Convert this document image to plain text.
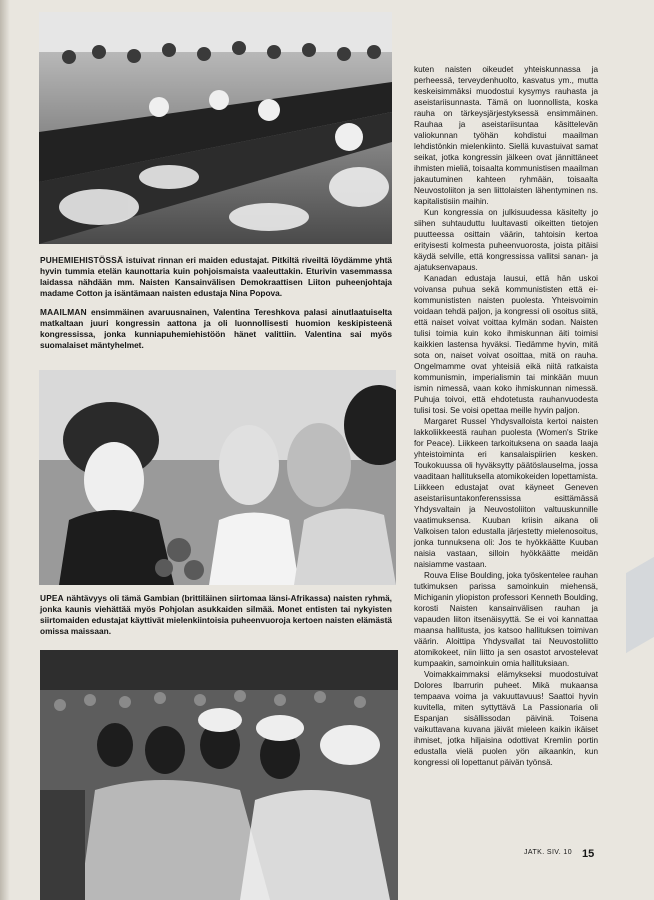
PUHEMIEHISTÖSSÄ istuivat rinnan eri maiden edustajat. Pitkiltä riveiltä löydämme yhtä hyvin tummia etelän kaunottaria kuin pohjoismaista vaaleuttakin. Eturivin vasemmassa laidassa nähdään mm. Naisten Kansainvälisen Demokraattisen Liiton puheenjohtaja madame Cotton ja isäntämaan naisten edustaja Nina Popova.

MAAILMAN ensimmäinen avaruusnainen, Valentina Tereshkova palasi ainutlaatuiselta matkaltaan juuri kongressin aattona ja oli luonnollisesti huomion keskipisteenä kongressissa, jonka kunniapuhemiehistöön hänet valittiin. Valentina sai myös suomalaiset mäntyhelmet.

UPEA nähtävyys oli tämä Gambian (brittiläinen siirtomaa länsi-Afrikassa) naisten ryhmä, jonka kaunis viehättää myös Pohjolan asukkaiden silmää. Monet entisten tai nykyisten siirtomaiden edustajat käyttivät mielenkiintoisia puheenvuoroja kertoen naisten elämästä omissa maissaan.

kuten naisten oikeudet yhteiskunnassa ja perheessä, terveydenhuolto, kasvatus ym., mutta keskeisimmäksi muodostui kysymys rauhasta ja aseistariisunnasta. Tämä on luonnollista, koska rauha on tärkeysjärjestyksessä ensimmäinen. Rauhaa ja aseistariisuntaa käsittelevän valiokunnan työhän kohdistui maailman lehdistönkin mielenkiinto. Siellä kuvastuivat samat seikat, jotka kongressin jälkeen ovat jännittäneet ihmisten mieliä, toisaalta kommunistisen maailman jakautuminen kahteen ryhmään, toisaalta Neuvostoliiton ja sen liittolaisten lähentyminen ns. kapitalistisiin maihin.

Kun kongressia on julkisuudessa käsitelty jo siihen suhtauduttu luultavasti oikeitten tietojen puutteessa osittain väärin, tahtoisin kertoa erityisesti kolmesta puheenvuorosta, joista pitäisi käydä selville, että kongressissa vallitsi sanan- ja ajatuksenvapaus.

Kanadan edustaja lausui, että hän uskoi voivansa puhua sekä kommunististen että ei-kommunististen naisten puolesta. Yhteisvoimin voidaan tehdä paljon, ja kongressi oli osoitus siitä, että naiset voivat voittaa kylmän sodan. Naisten tulisi toimia kuin koko ihmiskunnan äiti toimisi kaikkien lastensa hyväksi. Tiedämme hyvin, mitä sota on, naiset voivat osoittaa, mitä on rauha. Ongelmamme ovat yhteisiä eikä niitä ratkaista kommunismin, imperialismin tai minkään muun ismin nimessä, vaan koko ihmiskunnan nimessä. Puhuja toivoi, että ehdotetusta rauhanvuodesta tulisi tosi. Se voisi opettaa meille hyvin paljon.

Margaret Russel Yhdysvalloista kertoi naisten lakkoliikkeestä rauhan puolesta (Women's Strike for Peace). Liikkeen tarkoituksena on saada laaja yhteistoiminta eri kansalaispiirien kesken. Toukokuussa oli hyväksytty päätöslauselma, jossa vaaditaan hallituksella atomikokeiden lopettamista. Liikkeen edustajat ovat käyneet Geneven aseistariisuntakonferenssissa esittämässä Yhdysvaltain ja Neuvostoliiton valtuuskunnille vaatimuksensa. Kuuban kriisin aikana oli Valkoisen talon edustalla järjestetty mielenosoitus, jonka tunnuksena oli: Jos te hyökkäätte Kuuban naisia vastaan, silloin hyökkäätte meidän naisiamme vastaan.

Rouva Elise Boulding, joka työskentelee rauhan tutkimuksen parissa samoinkuin miehensä, Michiganin yliopiston professori Kenneth Boulding, korosti Naisten kansainvälisen rauhan ja vapauden liiton itsenäisyyttä. Se ei voi kannattaa maansa hallitusta, jos katsoo hallituksen toimivan väärin. Aloittipa Yhdysvallat tai Neuvostoliitto atomikokeet, niin liitto ja sen osastot arvostelevat kumpaakin, samoinkuin omia hallituksiaan.

Voimakkaimmaksi elämykseksi muodostuivat Dolores Ibarrurin puheet. Mikä mukaansa tempaava voima ja vakuuttavuus! Saattoi hyvin kuvitella, miten syttyttävä La Passionaria oli Espanjan sisällissodan päivinä. Toisena vaikuttavana kuvana jäivät mieleen kaikin ikäiset ihmiset, jotka hiljaisina odottivat Kremlin portin edustalla vielä puolen yön aikaankin, kun kongressi oli lopettanut päivän työnsä.

JATK. SIV. 10 15
